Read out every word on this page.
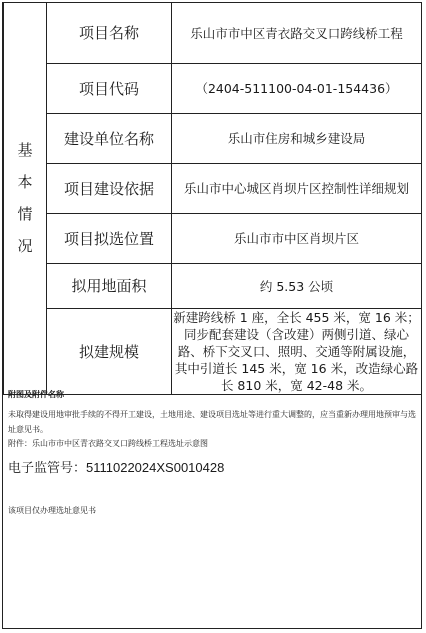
基
本
情
况	项目名称	乐山市市中区青衣路交叉口跨线桥工程
	项目代码	（2404-511100-04-01-154436）
	建设单位名称	乐山市住房和城乡建设局
	项目建设依据	乐山市中心城区肖坝片区控制性详细规划
	项目拟选位置	乐山市市中区肖坝片区
	拟用地面积	约 5.53 公顷
	拟建规模	新建跨线桥 1 座，全长 455 米，宽 16 米；同步配套建设（含改建）两侧引道、绿心路、桥下交叉口、照明、交通等附属设施，其中引道长 145 米，宽 16 米，改造绿心路长 810 米，宽 42-48 米。
附图及附件名称
未取得建设用地审批手续的不得开工建设，土地用途、建设项目选址等进行重大调整的，应当重新办理用地预审与选址意见书。
附件：乐山市市中区青衣路交叉口跨线桥工程选址示意图
电子监管号：5111022024XS0010428
该项目仅办理选址意见书
